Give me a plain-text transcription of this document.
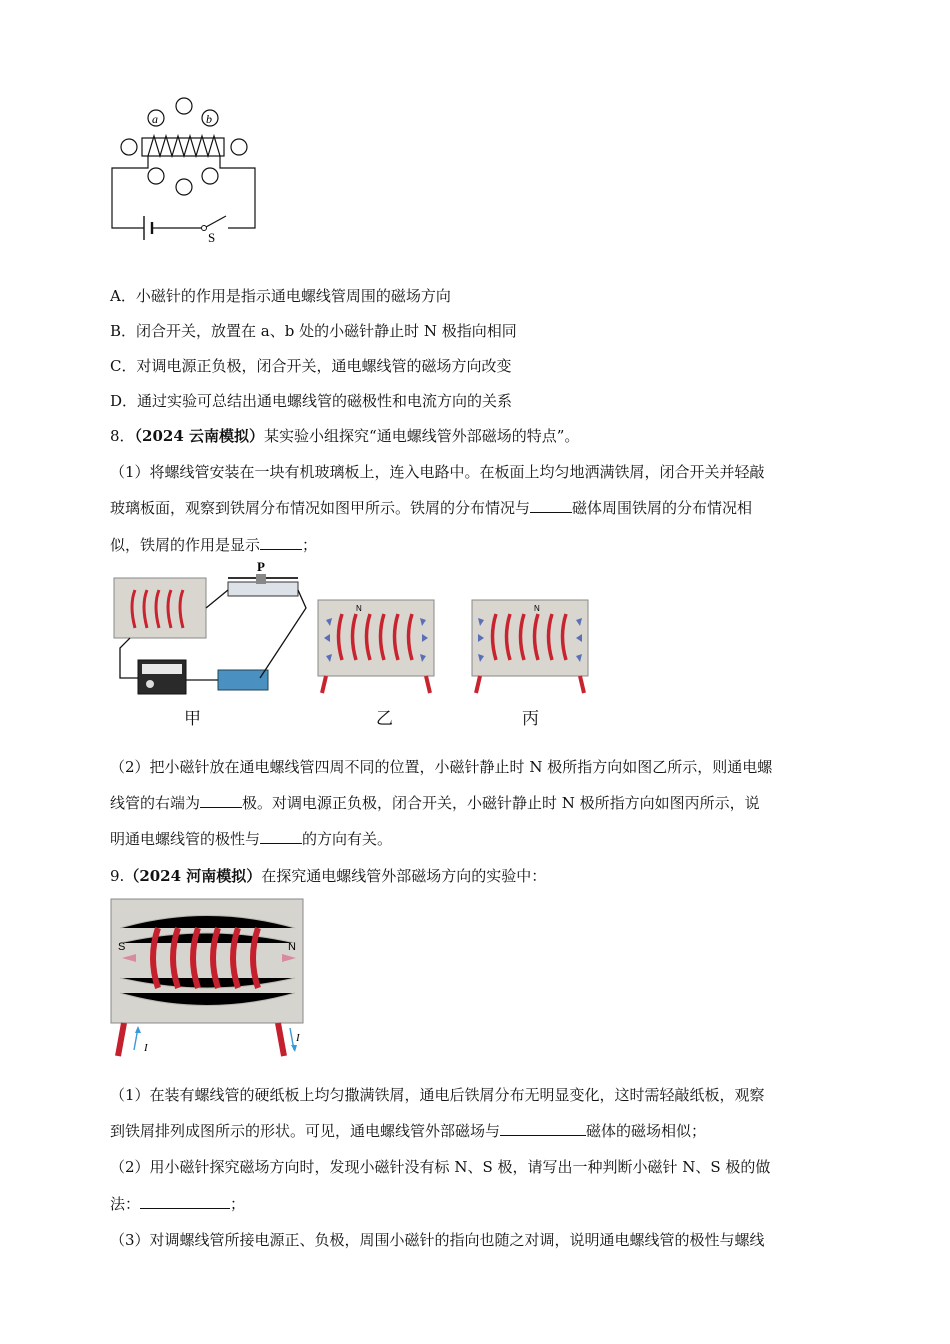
a	b
S
A．小磁针的作用是指示通电螺线管周围的磁场方向
B．闭合开关，放置在 a、b 处的小磁针静止时 N 极指向相同
C．对调电源正负极，闭合开关，通电螺线管的磁场方向改变
D．通过实验可总结出通电螺线管的磁极性和电流方向的关系
8．（2024 云南模拟）某实验小组探究“通电螺线管外部磁场的特点”。
（1）将螺线管安装在一块有机玻璃板上，连入电路中。在板面上均匀地洒满铁屑，闭合开关并轻敲
玻璃板面，观察到铁屑分布情况如图甲所示。铁屑的分布情况与	磁体周围铁屑的分布情况相
似，铁屑的作用是显示	；
P
甲
N
乙
N
丙
（2）把小磁针放在通电螺线管四周不同的位置，小磁针静止时 N 极所指方向如图乙所示，则通电螺
线管的右端为	极。对调电源正负极，闭合开关，小磁针静止时 N 极所指方向如图丙所示，说
明通电螺线管的极性与	的方向有关。
9.（2024 河南模拟）在探究通电螺线管外部磁场方向的实验中：
S	N
I
I
（1）在装有螺线管的硬纸板上均匀撒满铁屑，通电后铁屑分布无明显变化，这时需轻敲纸板，观察
到铁屑排列成图所示的形状。可见，通电螺线管外部磁场与	磁体的磁场相似；
（2）用小磁针探究磁场方向时，发现小磁针没有标 N、S 极，请写出一种判断小磁针 N、S 极的做
法：	；
（3）对调螺线管所接电源正、负极，周围小磁针的指向也随之对调，说明通电螺线管的极性与螺线
